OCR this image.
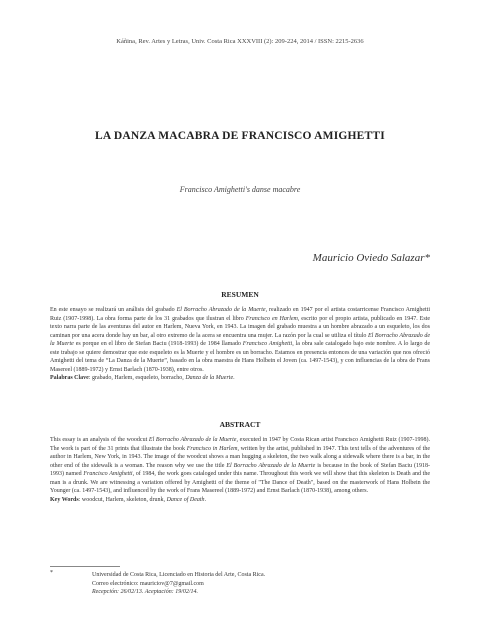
Káñina, Rev. Artes y Letras, Univ. Costa Rica XXXVIII (2): 209-224, 2014 / ISSN: 2215-2636
LA DANZA MACABRA DE FRANCISCO AMIGHETTI
Francisco Amighetti's danse macabre
Mauricio Oviedo Salazar*
RESUMEN
En este ensayo se realizará un análisis del grabado El Borracho Abrazado de la Muerte, realizado en 1947 por el artista costarricense Francisco Amighetti Ruiz (1907-1998). La obra forma parte de los 31 grabados que ilustran el libro Francisco en Harlem, escrito por el propio artista, publicado en 1947. Este texto narra parte de las aventuras del autor en Harlem, Nueva York, en 1943. La imagen del grabado muestra a un hombre abrazado a un esqueleto, los dos caminan por una acera donde hay un bar, al otro extremo de la acera se encuentra una mujer. La razón por la cual se utiliza el título El Borracho Abrazado de la Muerte es porque en el libro de Stefan Baciu (1918-1993) de 1984 llamado Francisco Amighetti, la obra sale catalogado bajo este nombre. A lo largo de este trabajo se quiere demostrar que este esqueleto es la Muerte y el hombre es un borracho. Estamos en presencia entonces de una variación que nos ofreció Amighetti del tema de “La Danza de la Muerte”, basado en la obra maestra de Hans Holbein el Joven (ca. 1497-1543), y con influencias de la obra de Frans Masereel (1889-1972) y Ernst Barlach (1870-1938), entre otros.
Palabras Clave: grabado, Harlem, esqueleto, borracho, Danza de la Muerte.
ABSTRACT
This essay is an analysis of the woodcut El Borracho Abrazado de la Muerte, executed in 1947 by Costa Rican artist Francisco Amighetti Ruiz (1907-1998). The work is part of the 31 prints that illustrate the book Francisco in Harlem, written by the artist, published in 1947. This text tells of the adventures of the author in Harlem, New York, in 1943. The image of the woodcut shows a man hugging a skeleton, the two walk along a sidewalk where there is a bar, in the other end of the sidewalk is a woman. The reason why we use the title El Borracho Abrazado de la Muerte is because in the book of Stefan Baciu (1918-1993) named Francisco Amighetti, of 1984, the work goes cataloged under this name. Throughout this work we will show that this skeleton is Death and the man is a drunk. We are witnessing a variation offered by Amighetti of the theme of "The Dance of Death", based on the masterwork of Hans Holbein the Younger (ca. 1497-1543), and influenced by the work of Frans Masereel (1889-1972) and Ernst Barlach (1870-1938), among others.
Key Words: woodcut, Harlem, skeleton, drunk, Dance of Death.
*	Universidad de Costa Rica, Licenciado en Historia del Arte, Costa Rica.
Correo electrónico: mauriciov@7@gmail.com
Recepción: 26/02/13. Aceptación: 19/02/14.
